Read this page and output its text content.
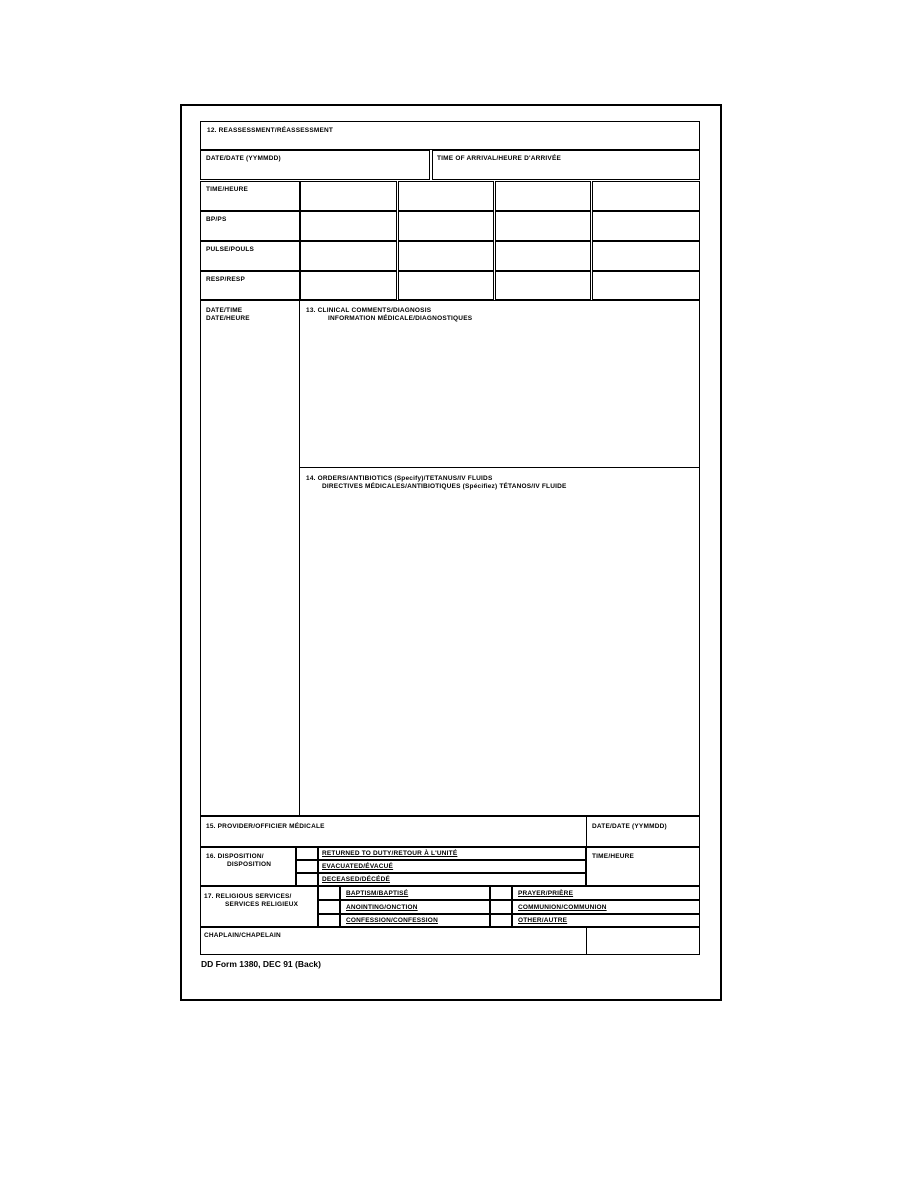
12. REASSESSMENT/RÉASSESSMENT
DATE/DATE (YYMMDD)	TIME OF ARRIVAL/HEURE D'ARRIVÉE
TIME/HEURE
BP/PS
PULSE/POULS
RESP/RESP
DATE/TIME
DATE/HEURE
13. CLINICAL COMMENTS/DIAGNOSIS
INFORMATION MÉDICALE/DIAGNOSTIQUES
14. ORDERS/ANTIBIOTICS (Specify)/TETANUS/IV FLUIDS
DIRECTIVES MÉDICALES/ANTIBIOTIQUES (Spécifiez) TÉTANOS/IV FLUIDE
15. PROVIDER/OFFICIER MÉDICALE	DATE/DATE (YYMMDD)
16. DISPOSITION/
DISPOSITION
RETURNED TO DUTY/RETOUR À L'UNITÉ
EVACUATED/ÉVACUÉ
DECEASED/DÉCÉDÉ
TIME/HEURE
17. RELIGIOUS SERVICES/
SERVICES RELIGIEUX
BAPTISM/BAPTISÉ
ANOINTING/ONCTION
CONFESSION/CONFESSION
PRAYER/PRIÈRE
COMMUNION/COMMUNION
OTHER/AUTRE
CHAPLAIN/CHAPELAIN
DD Form 1380, DEC 91 (Back)
